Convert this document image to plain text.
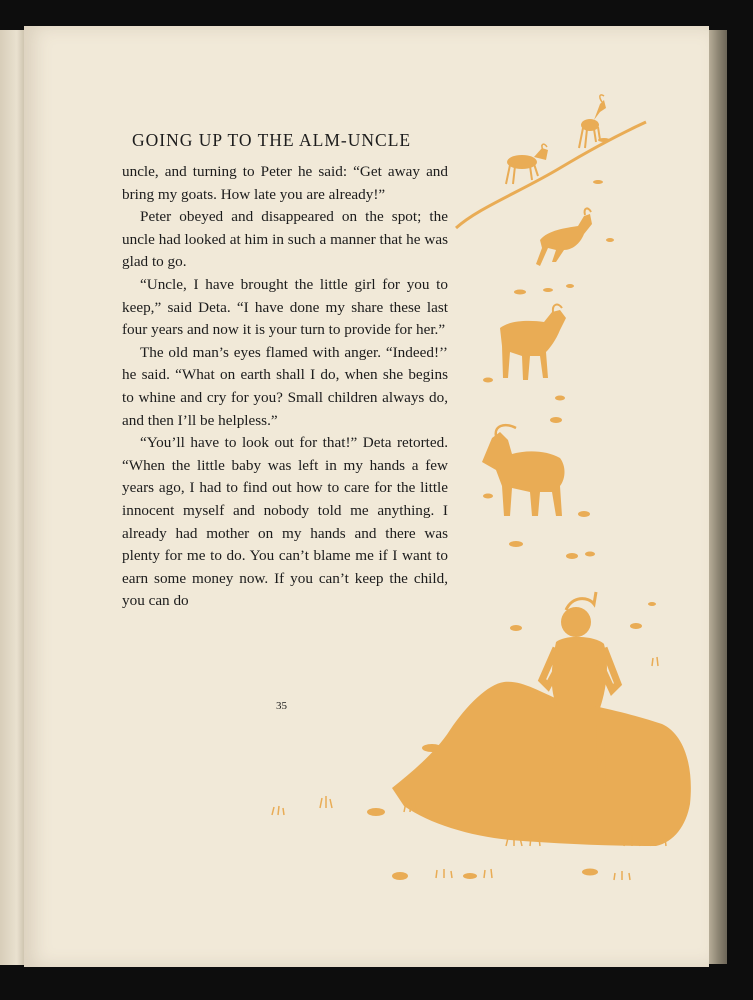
GOING UP TO THE ALM-UNCLE

uncle, and turning to Peter he said: “Get away and bring my goats. How late you are already!”

Peter obeyed and disappeared on the spot; the uncle had looked at him in such a manner that he was glad to go.

“Uncle, I have brought the little girl for you to keep,” said Deta. “I have done my share these last four years and now it is your turn to provide for her.”

The old man’s eyes flamed with anger. “Indeed!’’ he said. “What on earth shall I do, when she begins to whine and cry for you? Small children always do, and then I’ll be helpless.”

“You’ll have to look out for that!” Deta retorted. “When the little baby was left in my hands a few years ago, I had to find out how to care for the little innocent myself and nobody told me anything. I already had mother on my hands and there was plenty for me to do. You can’t blame me if I want to earn some money now. If you can’t keep the child, you can do

35
